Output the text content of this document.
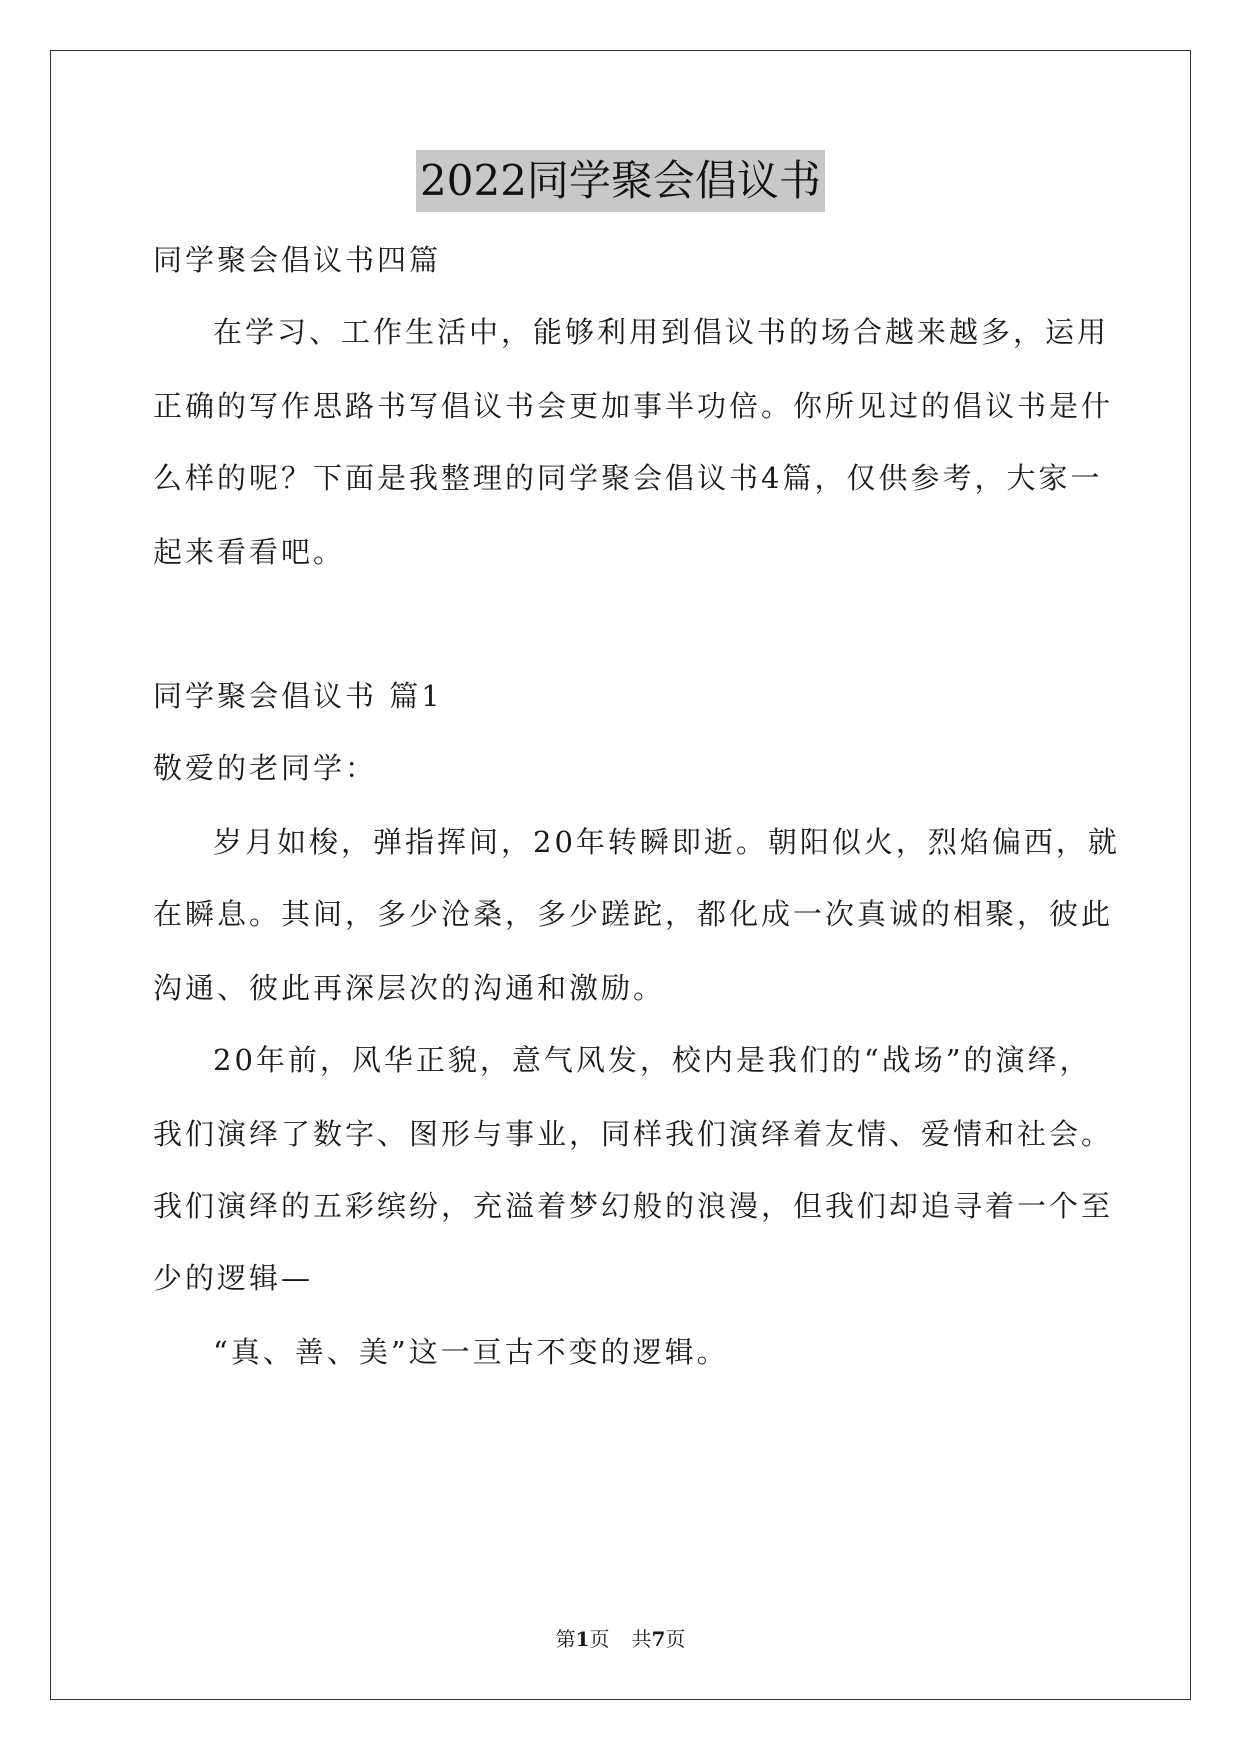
2022同学聚会倡议书
同学聚会倡议书四篇
在学习、工作生活中，能够利用到倡议书的场合越来越多，运用
正确的写作思路书写倡议书会更加事半功倍。你所见过的倡议书是什
么样的呢？下面是我整理的同学聚会倡议书4篇，仅供参考，大家一
起来看看吧。
同学聚会倡议书 篇1
敬爱的老同学：
岁月如梭，弹指挥间，20年转瞬即逝。朝阳似火，烈焰偏西，就
在瞬息。其间，多少沧桑，多少蹉跎，都化成一次真诚的相聚，彼此
沟通、彼此再深层次的沟通和激励。
20年前，风华正貌，意气风发，校内是我们的“战场”的演绎，
我们演绎了数字、图形与事业，同样我们演绎着友情、爱情和社会。
我们演绎的五彩缤纷，充溢着梦幻般的浪漫，但我们却追寻着一个至
少的逻辑—
“真、善、美”这一亘古不变的逻辑。
第1页 共7页
